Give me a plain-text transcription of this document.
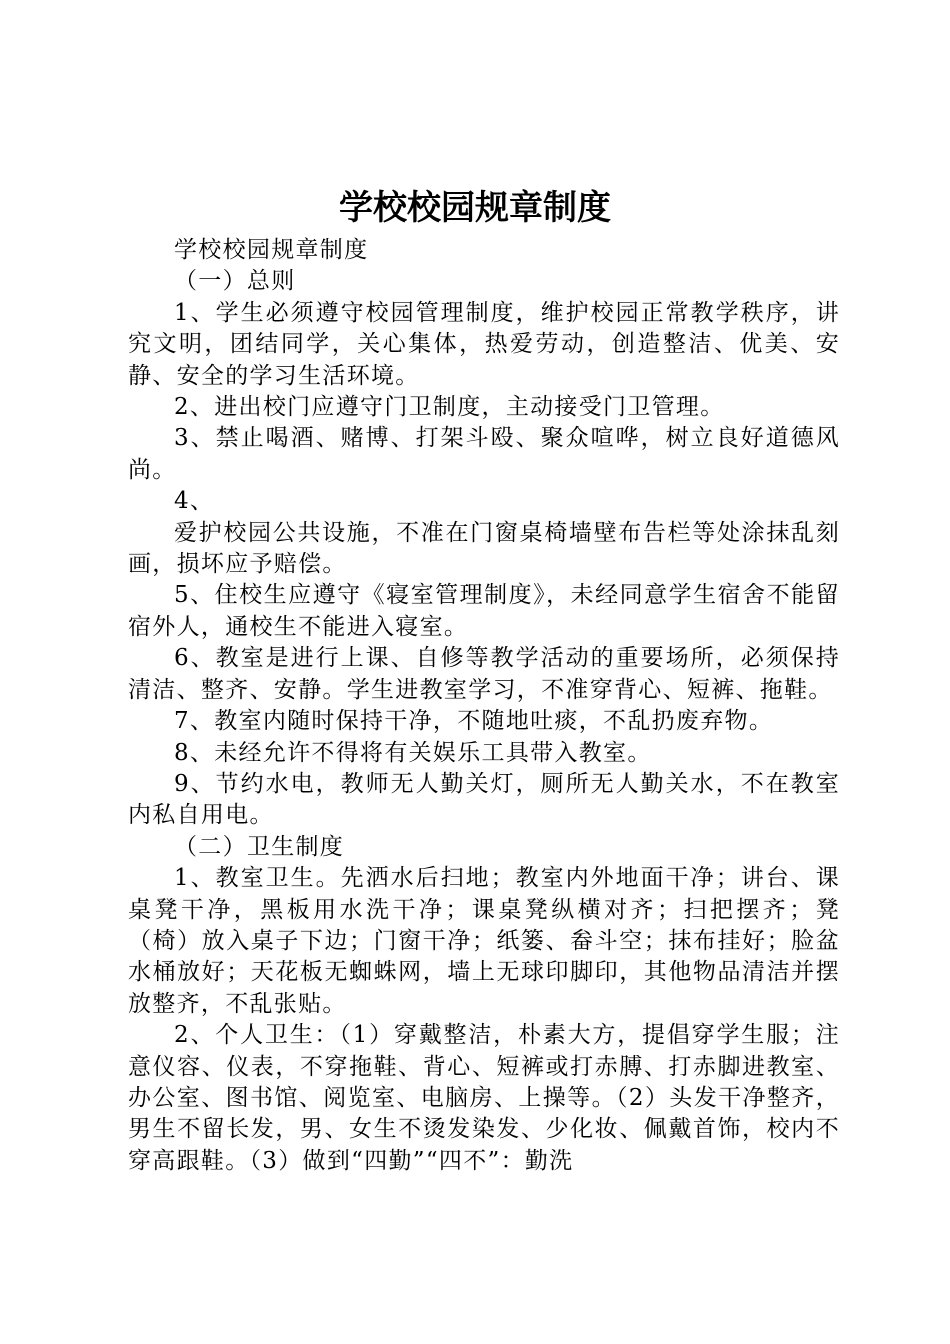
学校校园规章制度

学校校园规章制度

（一）总则

1、学生必须遵守校园管理制度，维护校园正常教学秩序，讲究文明，团结同学，关心集体，热爱劳动，创造整洁、优美、安静、安全的学习生活环境。

2、进出校门应遵守门卫制度，主动接受门卫管理。

3、禁止喝酒、赌博、打架斗殴、聚众喧哗，树立良好道德风尚。

4、

爱护校园公共设施，不准在门窗桌椅墙壁布告栏等处涂抹乱刻画，损坏应予赔偿。

5、住校生应遵守《寝室管理制度》，未经同意学生宿舍不能留宿外人，通校生不能进入寝室。

6、教室是进行上课、自修等教学活动的重要场所，必须保持清洁、整齐、安静。学生进教室学习，不准穿背心、短裤、拖鞋。

7、教室内随时保持干净，不随地吐痰，不乱扔废弃物。

8、未经允许不得将有关娱乐工具带入教室。

9、节约水电，教师无人勤关灯，厕所无人勤关水，不在教室内私自用电。

（二）卫生制度

1、教室卫生。先洒水后扫地；教室内外地面干净；讲台、课桌凳干净，黑板用水洗干净；课桌凳纵横对齐；扫把摆齐；凳（椅）放入桌子下边；门窗干净；纸篓、畚斗空；抹布挂好；脸盆水桶放好；天花板无蜘蛛网，墙上无球印脚印，其他物品清洁并摆放整齐，不乱张贴。

2、个人卫生：（1）穿戴整洁，朴素大方，提倡穿学生服；注意仪容、仪表，不穿拖鞋、背心、短裤或打赤膊、打赤脚进教室、办公室、图书馆、阅览室、电脑房、上操等。（2）头发干净整齐，男生不留长发，男、女生不烫发染发、少化妆、佩戴首饰，校内不穿高跟鞋。（3）做到“四勤”“四不”：勤洗
